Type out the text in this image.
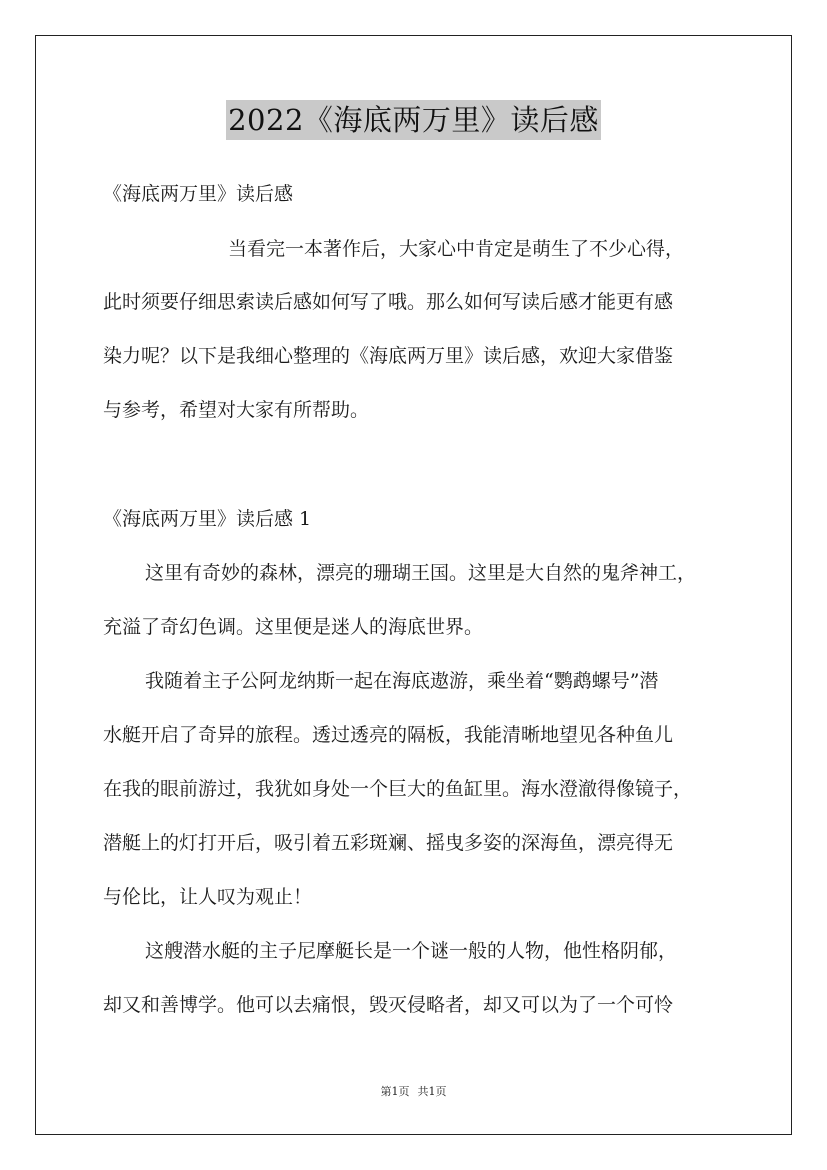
2022《海底两万里》读后感
《海底两万里》读后感
当看完一本著作后，大家心中肯定是萌生了不少心得，
此时须要仔细思索读后感如何写了哦。那么如何写读后感才能更有感
染力呢？以下是我细心整理的《海底两万里》读后感，欢迎大家借鉴
与参考，希望对大家有所帮助。
《海底两万里》读后感 1
这里有奇妙的森林，漂亮的珊瑚王国。这里是大自然的鬼斧神工，
充溢了奇幻色调。这里便是迷人的海底世界。
我随着主子公阿龙纳斯一起在海底遨游，乘坐着“鹦鹉螺号”潜
水艇开启了奇异的旅程。透过透亮的隔板，我能清晰地望见各种鱼儿
在我的眼前游过，我犹如身处一个巨大的鱼缸里。海水澄澈得像镜子，
潜艇上的灯打开后，吸引着五彩斑斓、摇曳多姿的深海鱼，漂亮得无
与伦比，让人叹为观止！
这艘潜水艇的主子尼摩艇长是一个谜一般的人物，他性格阴郁，
却又和善博学。他可以去痛恨，毁灭侵略者，却又可以为了一个可怜
第1页 共1页
